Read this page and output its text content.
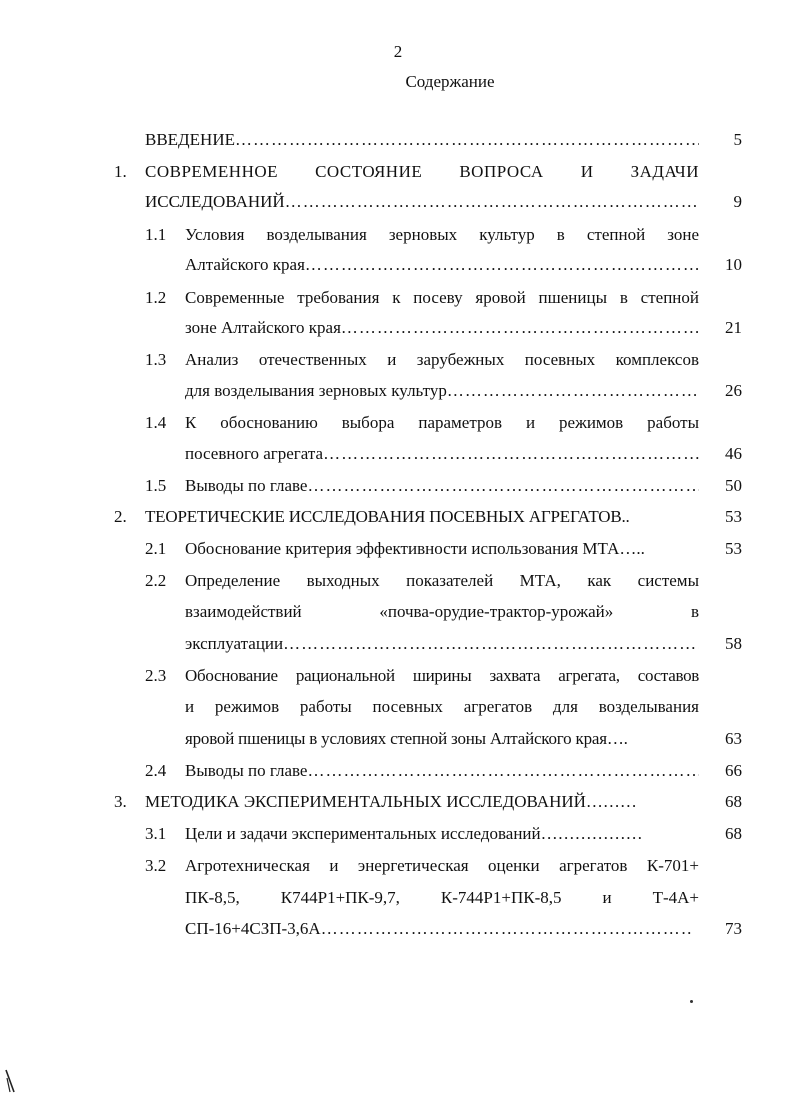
2
Содержание
ВВЕДЕНИЕ ……………………………………………………………………………………………………………………………………………………	5
1. СОВРЕМЕННОЕ СОСТОЯНИЕ ВОПРОСА И ЗАДАЧИ
ИССЛЕДОВАНИЙ ……………………………………………………………………………………………………………………………………………………	9
1.1 Условия возделывания зерновых культур в степной зоне
Алтайского края ……………………………………………………………………………………………………………………………………………………	10
1.2 Современные требования к посеву яровой пшеницы в степной
зоне Алтайского края ……………………………………………………………………………………………………………………………………………………	21
1.3 Анализ отечественных и зарубежных посевных комплексов
для возделывания зерновых культур ……………………………………………………………………………………………………………………………………………………	26
1.4 К обоснованию выбора параметров и режимов работы
посевного агрегата ……………………………………………………………………………………………………………………………………………………	46
1.5 Выводы по главе ……………………………………………………………………………………………………………………………………………………	50
2. ТЕОРЕТИЧЕСКИЕ ИССЛЕДОВАНИЯ ПОСЕВНЫХ АГРЕГАТОВ..	53
2.1 Обоснование критерия эффективности использования МТА…..	53
2.2 Определение выходных показателей МТА, как системы
взаимодействий «почва-орудие-трактор-урожай» в
эксплуатации ……………………………………………………………………………………………………………………………………………………	58
2.3 Обоснование рациональной ширины захвата агрегата, составов
и режимов работы посевных агрегатов для возделывания
яровой пшеницы в условиях степной зоны Алтайского края….	63
2.4 Выводы по главе ……………………………………………………………………………………………………………………………………………………	66
3. МЕТОДИКА ЭКСПЕРИМЕНТАЛЬНЫХ ИССЛЕДОВАНИЙ………	68
3.1 Цели и задачи экспериментальных исследований………………	68
3.2 Агротехническая и энергетическая оценки агрегатов К-701+
ПК-8,5, К744Р1+ПК-9,7, К-744Р1+ПК-8,5 и Т-4А+
СП-16+4СЗП-3,6А ……………………………………………………………………………………………………………………………………………………	73
